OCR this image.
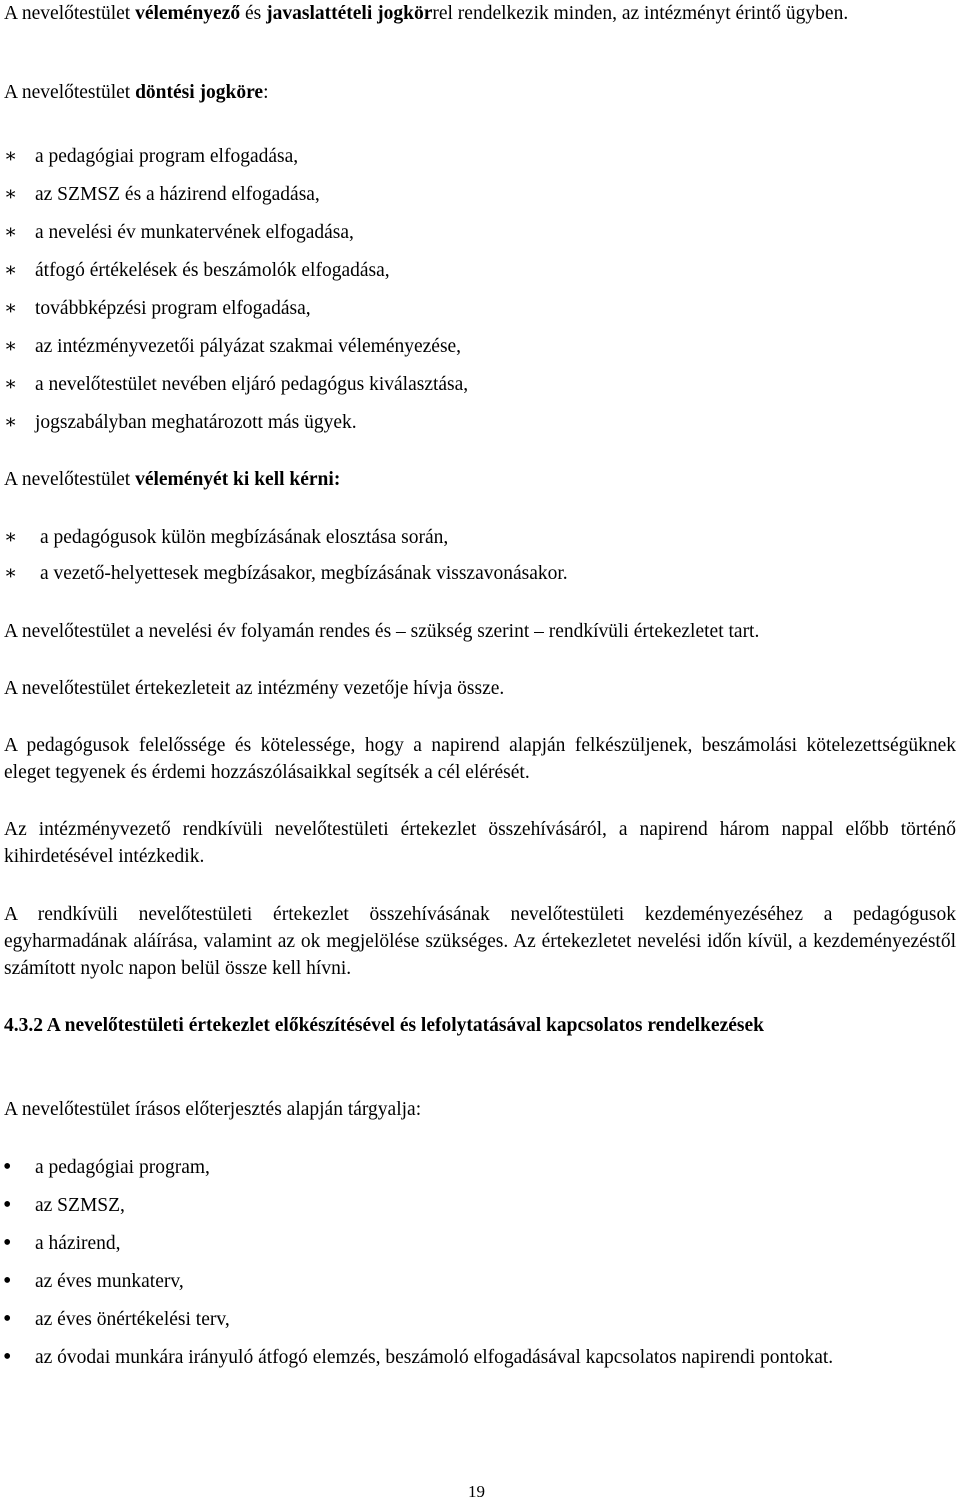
A nevelőtestület véleményező és javaslattételi jogkörrel rendelkezik minden, az intézményt érintő ügyben.

A nevelőtestület döntési jogköre:

∗ a pedagógiai program elfogadása,
∗ az SZMSZ és a házirend elfogadása,
∗ a nevelési év munkatervének elfogadása,
∗ átfogó értékelések és beszámolók elfogadása,
∗ továbbképzési program elfogadása,
∗ az intézményvezetői pályázat szakmai véleményezése,
∗ a nevelőtestület nevében eljáró pedagógus kiválasztása,
∗ jogszabályban meghatározott más ügyek.

A nevelőtestület véleményét ki kell kérni:

∗	a pedagógusok külön megbízásának elosztása során,
∗	a vezető-helyettesek megbízásakor, megbízásának visszavonásakor.

A nevelőtestület a nevelési év folyamán rendes és – szükség szerint – rendkívüli értekezletet tart.

A nevelőtestület értekezleteit az intézmény vezetője hívja össze.

A pedagógusok felelőssége és kötelessége, hogy a napirend alapján felkészüljenek, beszámolási kötelezettségüknek eleget tegyenek és érdemi hozzászólásaikkal segítsék a cél elérését.

Az intézményvezető rendkívüli nevelőtestületi értekezlet összehívásáról, a napirend három nappal előbb történő kihirdetésével intézkedik.

A rendkívüli nevelőtestületi értekezlet összehívásának nevelőtestületi kezdeményezéséhez a pedagógusok egyharmadának aláírása, valamint az ok megjelölése szükséges. Az értekezletet nevelési időn kívül, a kezdeményezéstől számított nyolc napon belül össze kell hívni.

4.3.2 A nevelőtestületi értekezlet előkészítésével és lefolytatásával kapcsolatos rendelkezések

A nevelőtestület írásos előterjesztés alapján tárgyalja:

• a pedagógiai program,
• az SZMSZ,
• a házirend,
• az éves munkaterv,
• az éves önértékelési terv,
• az óvodai munkára irányuló átfogó elemzés, beszámoló elfogadásával kapcsolatos napirendi pontokat.
19
